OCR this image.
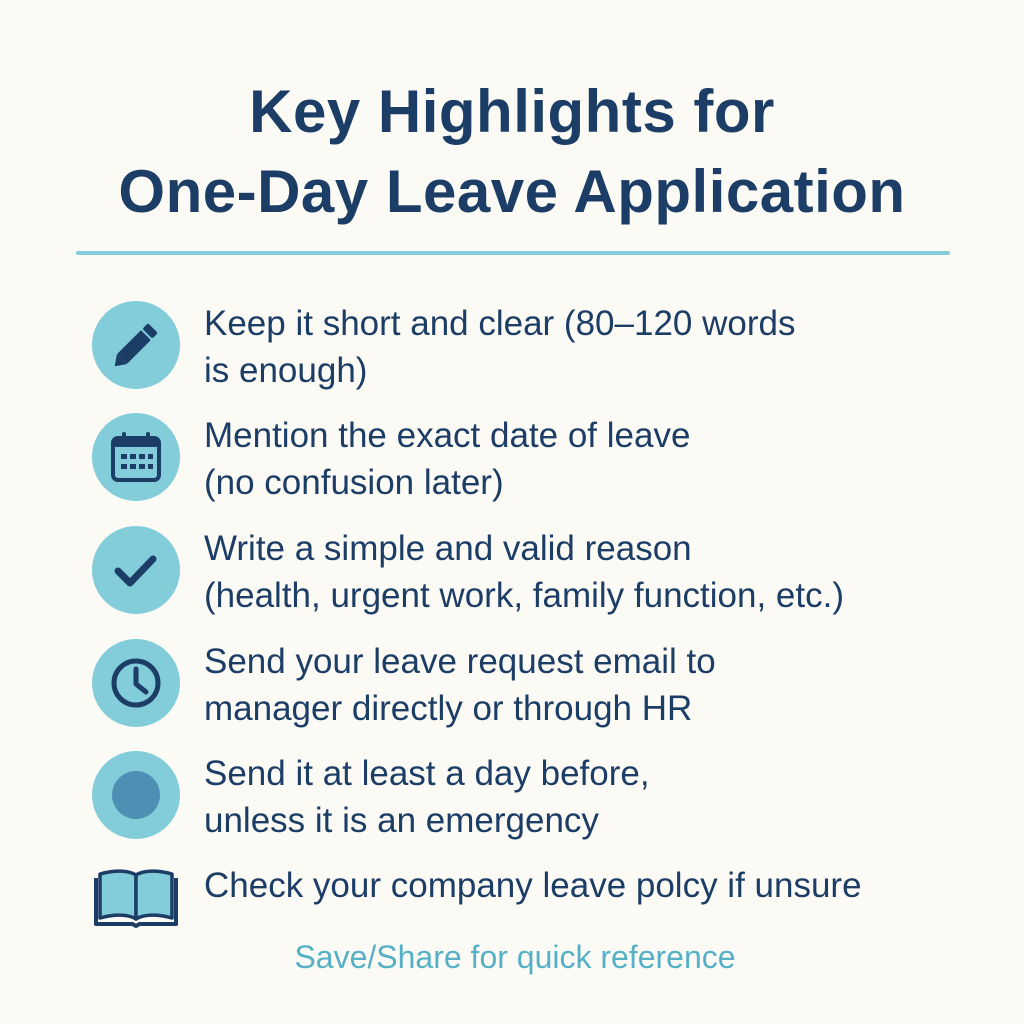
Key Highlights for
One-Day Leave Application
Keep it short and clear (80–120 words
is enough)
Mention the exact date of leave
(no confusion later)
Write a simple and valid reason
(health, urgent work, family function, etc.)
Send your leave request email to
manager directly or through HR
Send it at least a day before,
unless it is an emergency
Check your company leave polcy if unsure
Save/Share for quick reference
